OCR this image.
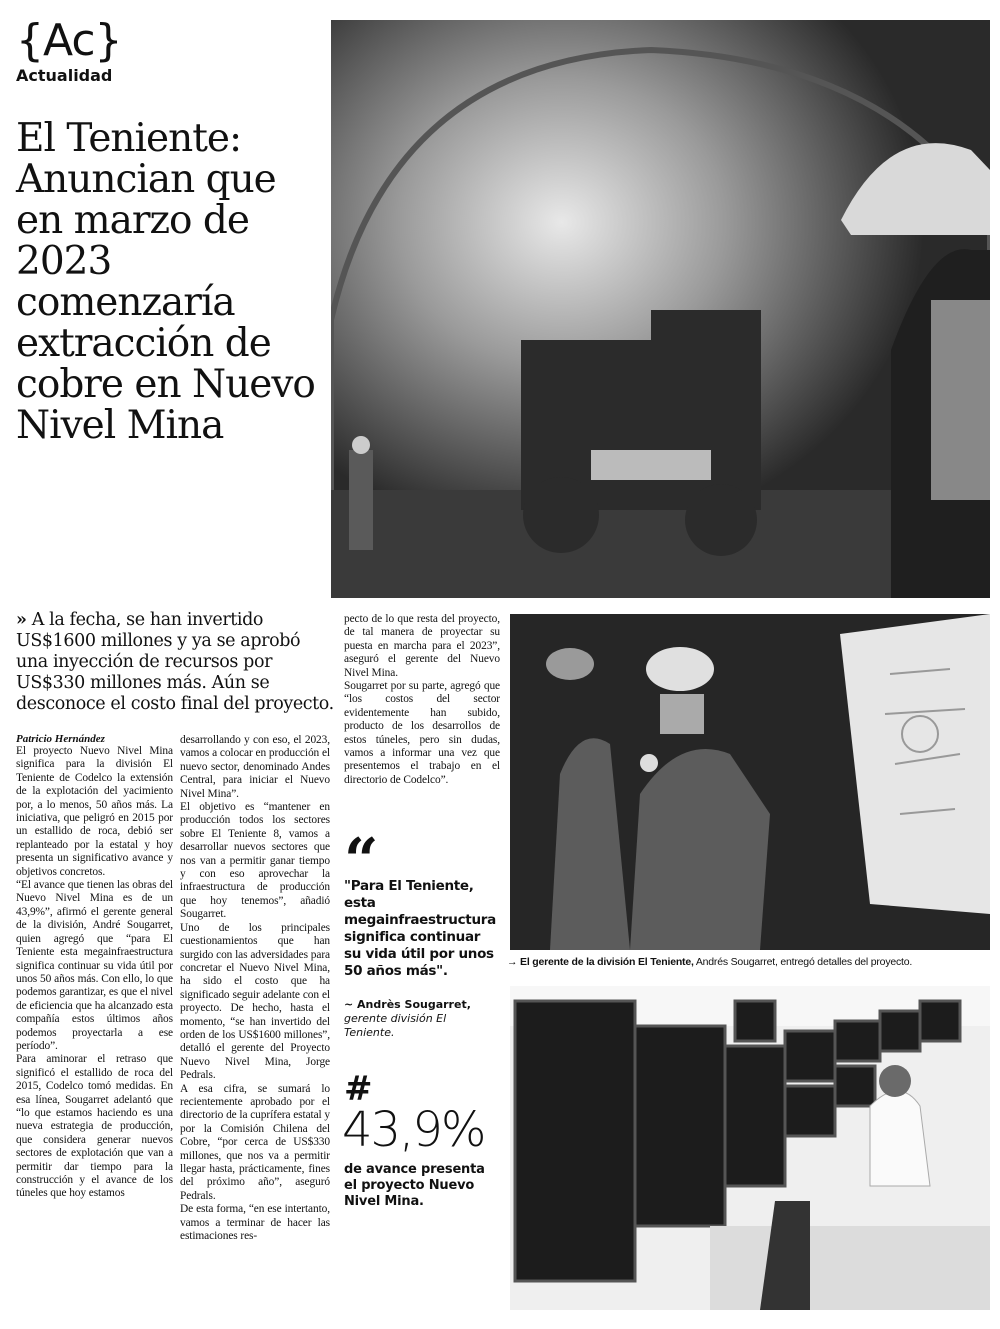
{Ac}
Actualidad
El Teniente: Anuncian que en marzo de 2023 comenzaría extracción de cobre en Nuevo Nivel Mina
» A la fecha, se han invertido US$1600 millones y ya se aprobó una inyección de recursos por US$330 millones más. Aún se desconoce el costo final del proyecto.
Patricio Hernández

El proyecto Nuevo Nivel Mina significa para la división El Teniente de Codelco la extensión de la explotación del yacimiento por, a lo menos, 50 años más. La iniciativa, que peligró en 2015 por un estallido de roca, debió ser replanteado por la estatal y hoy presenta un significativo avance y objetivos concretos.

“El avance que tienen las obras del Nuevo Nivel Mina es de un 43,9%”, afirmó el gerente general de la división, André Sougarret, quien agregó que “para El Teniente esta megainfraestructura significa continuar su vida útil por unos 50 años más. Con ello, lo que podemos garantizar, es que el nivel de eficiencia que ha alcanzado esta compañía estos últimos años podemos proyectarla a ese período”.

Para aminorar el retraso que significó el estallido de roca del 2015, Codelco tomó medidas. En esa línea, Sougarret adelantó que “lo que estamos haciendo es una nueva estrategia de producción, que considera generar nuevos sectores de explotación que van a permitir dar tiempo para la construcción y el avance de los túneles que hoy estamos

desarrollando y con eso, el 2023, vamos a colocar en producción el nuevo sector, denominado Andes Central, para iniciar el Nuevo Nivel Mina”.

El objetivo es “mantener en producción todos los sectores sobre El Teniente 8, vamos a desarrollar nuevos sectores que nos van a permitir ganar tiempo y con eso aprovechar la infraestructura de producción que hoy tenemos”, añadió Sougarret.

Uno de los principales cuestionamientos que han surgido con las adversidades para concretar el Nuevo Nivel Mina, ha sido el costo que ha significado seguir adelante con el proyecto. De hecho, hasta el momento, “se han invertido del orden de los US$1600 millones”, detalló el gerente del Proyecto Nuevo Nivel Mina, Jorge Pedrals.

A esa cifra, se sumará lo recientemente aprobado por el directorio de la cuprífera estatal y por la Comisión Chilena del Cobre, “por cerca de US$330 millones, que nos va a permitir llegar hasta, prácticamente, fines del próximo año”, aseguró Pedrals.

De esta forma, “en ese intertanto, vamos a terminar de hacer las estimaciones res-

pecto de lo que resta del proyecto, de tal manera de proyectar su puesta en marcha para el 2023”, aseguró el gerente del Nuevo Nivel Mina.

Sougarret por su parte, agregó que “los costos del sector evidentemente han subido, producto de los desarrollos de estos túneles, pero sin dudas, vamos a informar una vez que presentemos el trabajo en el directorio de Codelco”.

“
"Para El Teniente, esta megainfraestructura significa continuar su vida útil por unos 50 años más".
~ Andrès Sougarret,
gerente división El Teniente.
#
43,9%
de avance presenta el proyecto Nuevo Nivel Mina.
→ El gerente de la división El Teniente, Andrés Sougarret, entregó detalles del proyecto.
